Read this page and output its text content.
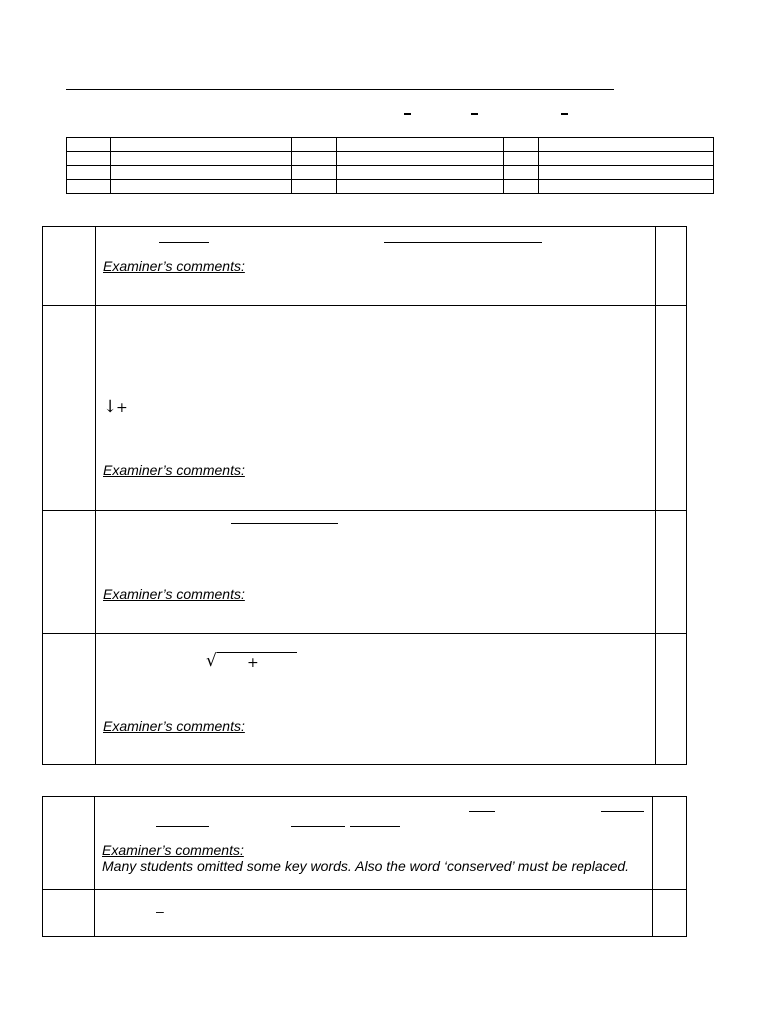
Examiner’s comments:
↓
+
Examiner’s comments:
Examiner’s comments:
√ +
Examiner’s comments:
Examiner’s comments:
Many students omitted some key words. Also the word ‘conserved’ must be replaced.
–
